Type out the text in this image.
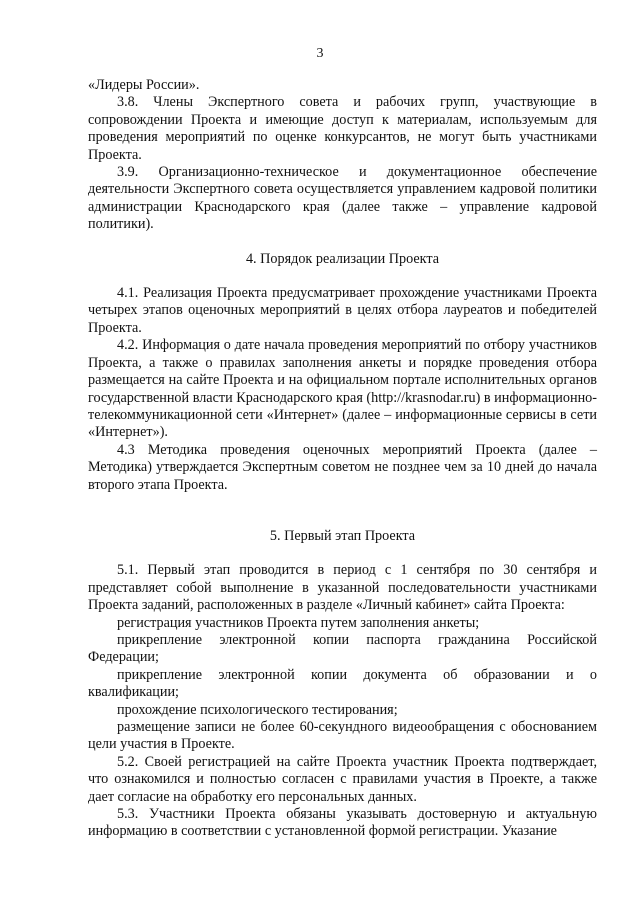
3

«Лидеры России».

3.8. Члены Экспертного совета и рабочих групп, участвующие в сопровождении Проекта и имеющие доступ к материалам, используемым для проведения мероприятий по оценке конкурсантов, не могут быть участниками Проекта.

3.9. Организационно-техническое и документационное обеспечение деятельности Экспертного совета осуществляется управлением кадровой политики администрации Краснодарского края (далее также – управление кадровой политики).

4. Порядок реализации Проекта

4.1. Реализация Проекта предусматривает прохождение участниками Проекта четырех этапов оценочных мероприятий в целях отбора лауреатов и победителей Проекта.

4.2. Информация о дате начала проведения мероприятий по отбору участников Проекта, а также о правилах заполнения анкеты и порядке проведения отбора размещается на сайте Проекта и на официальном портале исполнительных органов государственной власти Краснодарского края (http://krasnodar.ru) в информационно-телекоммуникационной сети «Интернет» (далее – информационные сервисы в сети «Интернет»).

4.3 Методика проведения оценочных мероприятий Проекта (далее – Методика) утверждается Экспертным советом не позднее чем за 10 дней до начала второго этапа Проекта.

5. Первый этап Проекта

5.1. Первый этап проводится в период с 1 сентября по 30 сентября и представляет собой выполнение в указанной последовательности участниками Проекта заданий, расположенных в разделе «Личный кабинет» сайта Проекта:

регистрация участников Проекта путем заполнения анкеты;

прикрепление электронной копии паспорта гражданина Российской Федерации;

прикрепление электронной копии документа об образовании и о квалификации;

прохождение психологического тестирования;

размещение записи не более 60-секундного видеообращения с обоснованием цели участия в Проекте.

5.2. Своей регистрацией на сайте Проекта участник Проекта подтверждает, что ознакомился и полностью согласен с правилами участия в Проекте, а также дает согласие на обработку его персональных данных.

5.3. Участники Проекта обязаны указывать достоверную и актуальную информацию в соответствии с установленной формой регистрации. Указание
